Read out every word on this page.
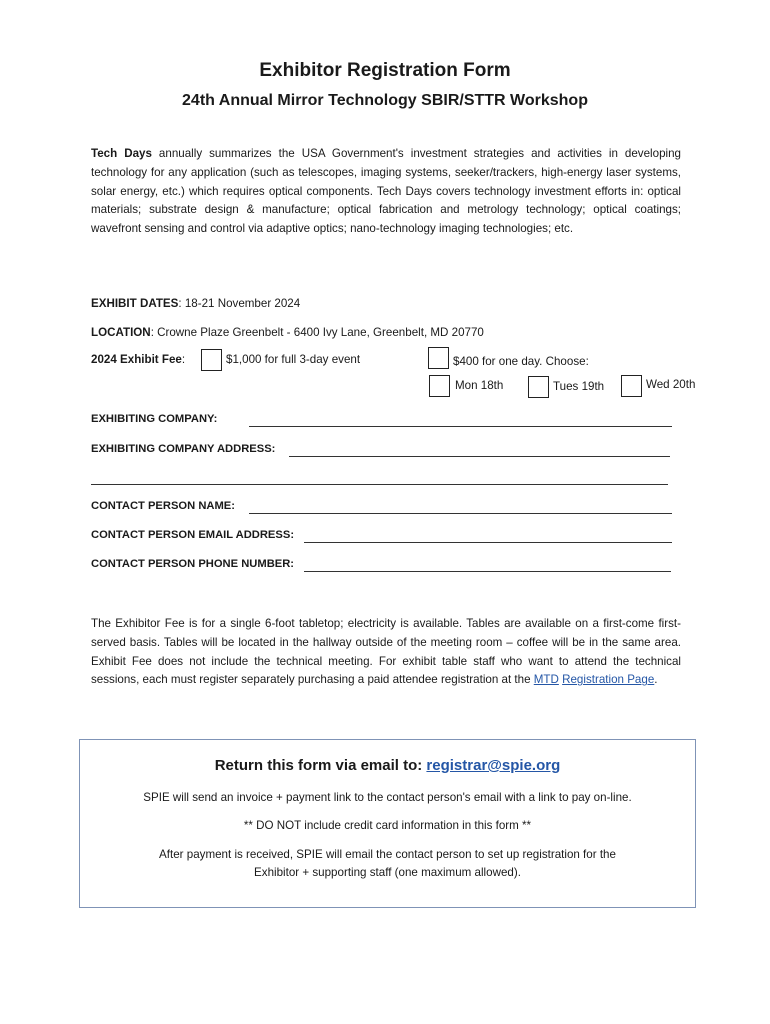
Exhibitor Registration Form
24th Annual Mirror Technology SBIR/STTR Workshop
Tech Days annually summarizes the USA Government's investment strategies and activities in developing technology for any application (such as telescopes, imaging systems, seeker/trackers, high-energy laser systems, solar energy, etc.) which requires optical components. Tech Days covers technology investment efforts in: optical materials; substrate design & manufacture; optical fabrication and metrology technology; optical coatings; wavefront sensing and control via adaptive optics; nano-technology imaging technologies; etc.
EXHIBIT DATES: 18-21 November 2024
LOCATION: Crowne Plaze Greenbelt - 6400 Ivy Lane, Greenbelt, MD 20770
2024 Exhibit Fee:	$1,000 for full 3-day event	$400 for one day. Choose:
Mon 18th	Tues 19th	Wed 20th
EXHIBITING COMPANY:
EXHIBITING COMPANY ADDRESS:
CONTACT PERSON NAME:
CONTACT PERSON EMAIL ADDRESS:
CONTACT PERSON PHONE NUMBER:
The Exhibitor Fee is for a single 6-foot tabletop; electricity is available. Tables are available on a first-come first-served basis. Tables will be located in the hallway outside of the meeting room – coffee will be in the same area. Exhibit Fee does not include the technical meeting. For exhibit table staff who want to attend the technical sessions, each must register separately purchasing a paid attendee registration at the MTD Registration Page.
Return this form via email to: registrar@spie.org
SPIE will send an invoice + payment link to the contact person's email with a link to pay on-line.
** DO NOT include credit card information in this form **
After payment is received, SPIE will email the contact person to set up registration for the
Exhibitor + supporting staff (one maximum allowed).
